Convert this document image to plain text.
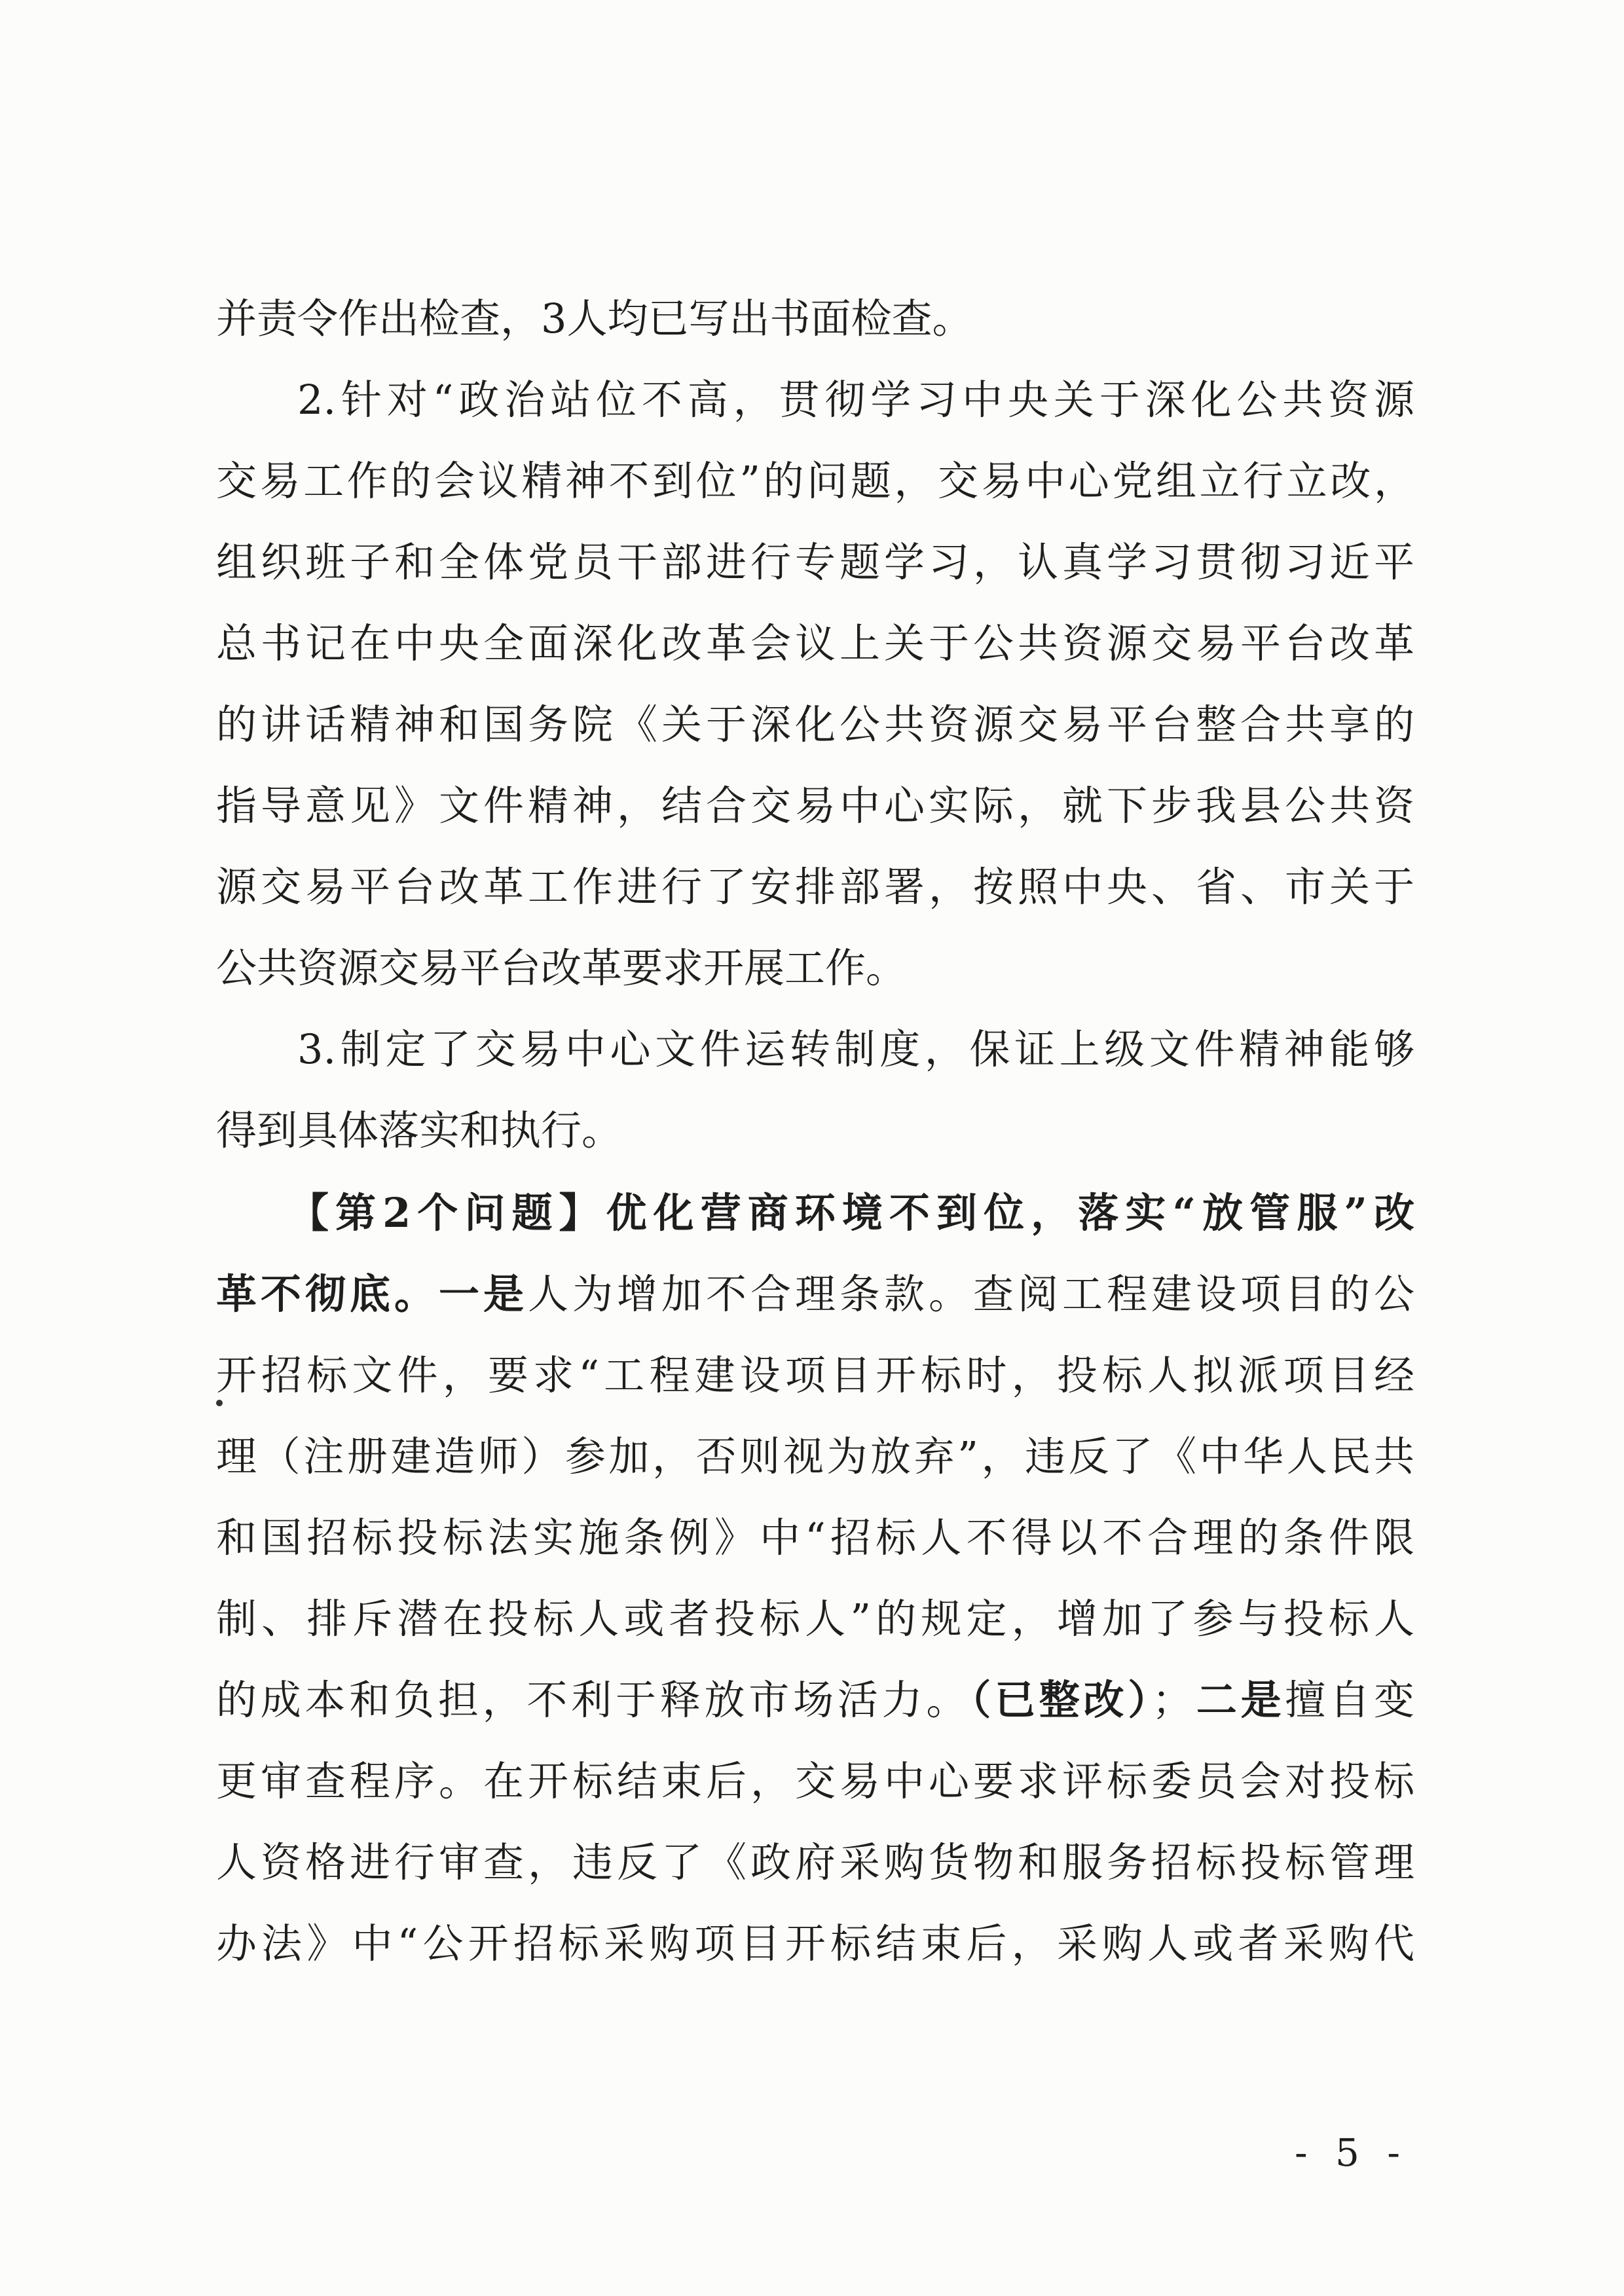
并责令作出检查，3人均已写出书面检查。
2.针对“政治站位不高，贯彻学习中央关于深化公共资源
交易工作的会议精神不到位”的问题，交易中心党组立行立改，
组织班子和全体党员干部进行专题学习，认真学习贯彻习近平
总书记在中央全面深化改革会议上关于公共资源交易平台改革
的讲话精神和国务院《关于深化公共资源交易平台整合共享的
指导意见》文件精神，结合交易中心实际，就下步我县公共资
源交易平台改革工作进行了安排部署，按照中央、省、市关于
公共资源交易平台改革要求开展工作。
3.制定了交易中心文件运转制度，保证上级文件精神能够
得到具体落实和执行。
【第2个问题】优化营商环境不到位，落实“放管服”改
革不彻底。一是人为增加不合理条款。查阅工程建设项目的公
开招标文件，要求“工程建设项目开标时，投标人拟派项目经
理（注册建造师）参加，否则视为放弃”，违反了《中华人民共
和国招标投标法实施条例》中“招标人不得以不合理的条件限
制、排斥潜在投标人或者投标人”的规定，增加了参与投标人
的成本和负担，不利于释放市场活力。（已整改）；二是擅自变
更审查程序。在开标结束后，交易中心要求评标委员会对投标
人资格进行审查，违反了《政府采购货物和服务招标投标管理
办法》中“公开招标采购项目开标结束后，采购人或者采购代
- 5 -
